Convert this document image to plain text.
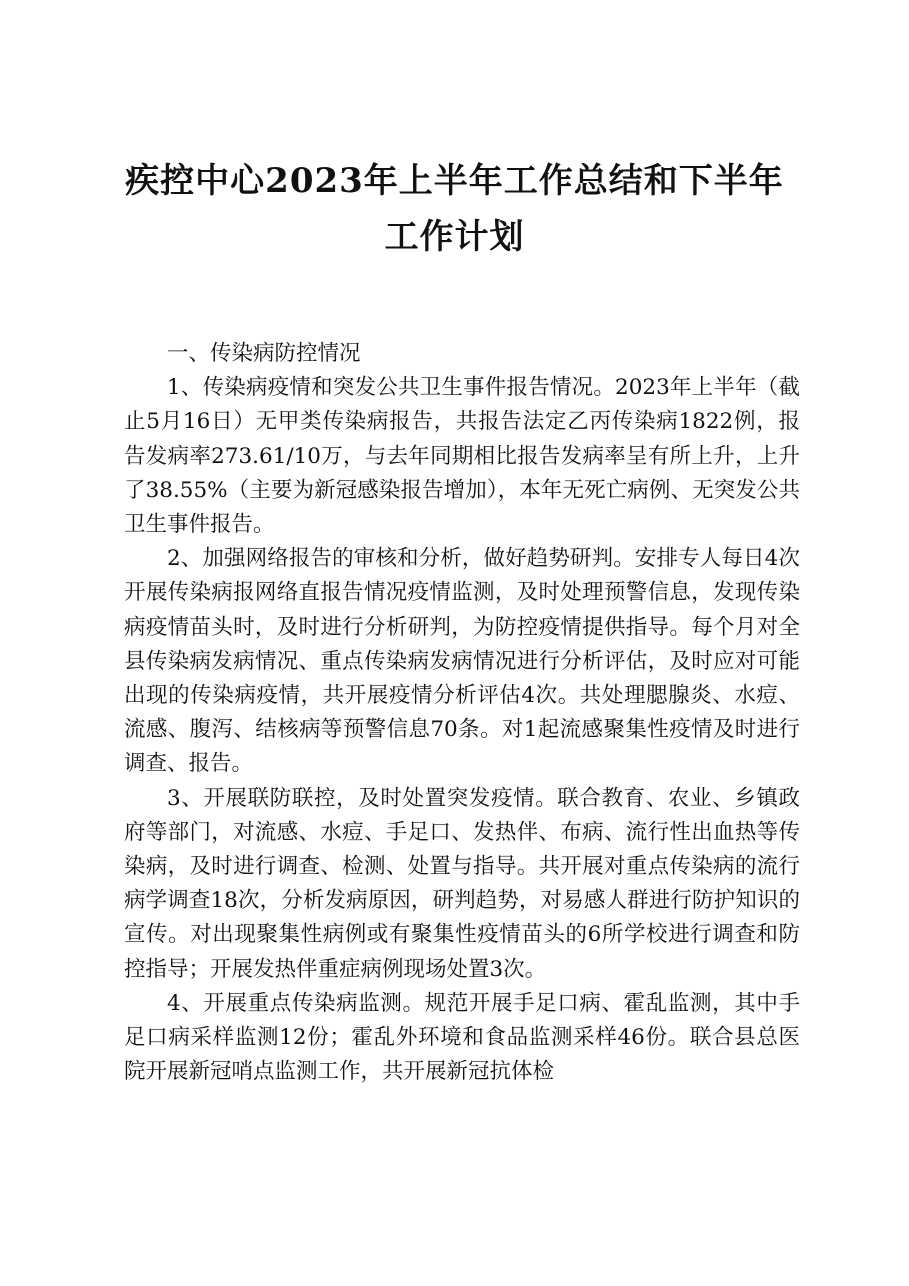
疾控中心2023年上半年工作总结和下半年工作计划

一、传染病防控情况

1、传染病疫情和突发公共卫生事件报告情况。2023年上半年（截止5月16日）无甲类传染病报告，共报告法定乙丙传染病1822例，报告发病率273.61/10万，与去年同期相比报告发病率呈有所上升，上升了38.55%（主要为新冠感染报告增加），本年无死亡病例、无突发公共卫生事件报告。

2、加强网络报告的审核和分析，做好趋势研判。安排专人每日4次开展传染病报网络直报告情况疫情监测，及时处理预警信息，发现传染病疫情苗头时，及时进行分析研判，为防控疫情提供指导。每个月对全县传染病发病情况、重点传染病发病情况进行分析评估，及时应对可能出现的传染病疫情，共开展疫情分析评估4次。共处理腮腺炎、水痘、流感、腹泻、结核病等预警信息70条。对1起流感聚集性疫情及时进行调查、报告。

3、开展联防联控，及时处置突发疫情。联合教育、农业、乡镇政府等部门，对流感、水痘、手足口、发热伴、布病、流行性出血热等传染病，及时进行调查、检测、处置与指导。共开展对重点传染病的流行病学调查18次，分析发病原因，研判趋势，对易感人群进行防护知识的宣传。对出现聚集性病例或有聚集性疫情苗头的6所学校进行调查和防控指导；开展发热伴重症病例现场处置3次。

4、开展重点传染病监测。规范开展手足口病、霍乱监测，其中手足口病采样监测12份；霍乱外环境和食品监测采样46份。联合县总医院开展新冠哨点监测工作，共开展新冠抗体检
